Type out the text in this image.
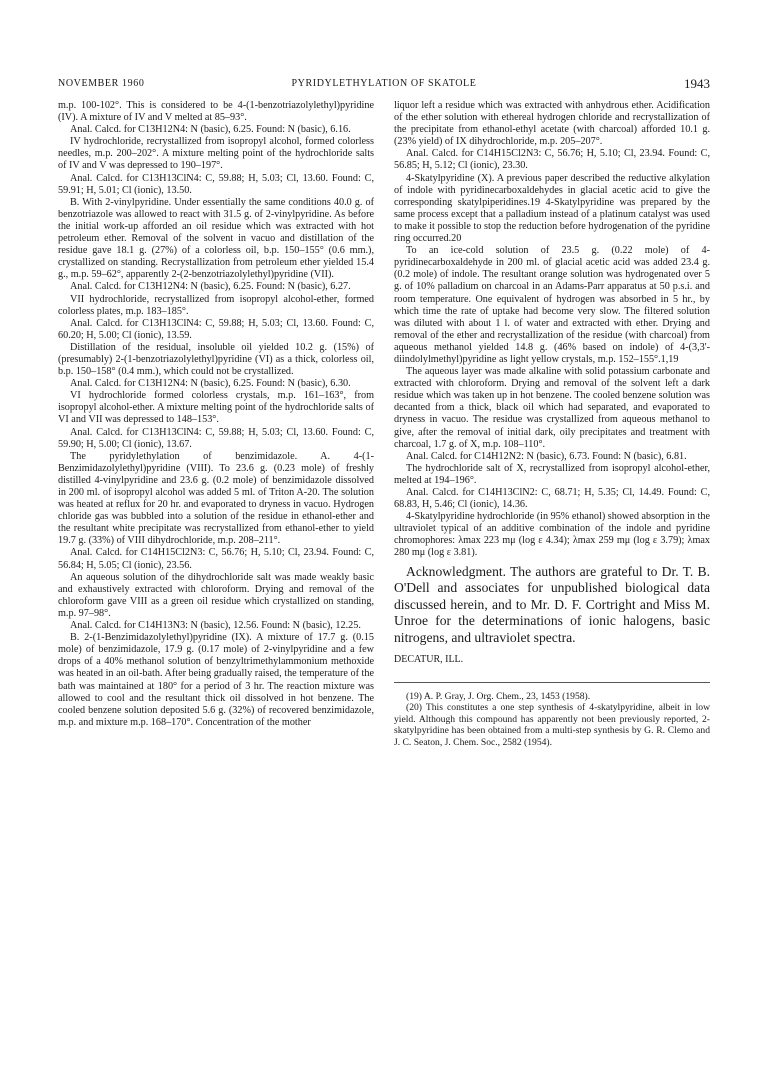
NOVEMBER 1960	PYRIDYLETHYLATION OF SKATOLE	1943

m.p. 100-102°. This is considered to be 4-(1-benzotriazolylethyl)pyridine (IV). A mixture of IV and V melted at 85–93°.

Anal. Calcd. for C13H12N4: N (basic), 6.25. Found: N (basic), 6.16.

IV hydrochloride, recrystallized from isopropyl alcohol, formed colorless needles, m.p. 200–202°. A mixture melting point of the hydrochloride salts of IV and V was depressed to 190–197°.

Anal. Calcd. for C13H13ClN4: C, 59.88; H, 5.03; Cl, 13.60. Found: C, 59.91; H, 5.01; Cl (ionic), 13.50.

B. With 2-vinylpyridine. Under essentially the same conditions 40.0 g. of benzotriazole was allowed to react with 31.5 g. of 2-vinylpyridine. As before the initial work-up afforded an oil residue which was extracted with hot petroleum ether. Removal of the solvent in vacuo and distillation of the residue gave 18.1 g. (27%) of a colorless oil, b.p. 150–155° (0.6 mm.), crystallized on standing. Recrystallization from petroleum ether yielded 15.4 g., m.p. 59–62°, apparently 2-(2-benzotriazolylethyl)pyridine (VII).

Anal. Calcd. for C13H12N4: N (basic), 6.25. Found: N (basic), 6.27.

VII hydrochloride, recrystallized from isopropyl alcohol-ether, formed colorless plates, m.p. 183–185°.

Anal. Calcd. for C13H13ClN4: C, 59.88; H, 5.03; Cl, 13.60. Found: C, 60.20; H, 5.00; Cl (ionic), 13.59.

Distillation of the residual, insoluble oil yielded 10.2 g. (15%) of (presumably) 2-(1-benzotriazolylethyl)pyridine (VI) as a thick, colorless oil, b.p. 150–158° (0.4 mm.), which could not be crystallized.

Anal. Calcd. for C13H12N4: N (basic), 6.25. Found: N (basic), 6.30.

VI hydrochloride formed colorless crystals, m.p. 161–163°, from isopropyl alcohol-ether. A mixture melting point of the hydrochloride salts of VI and VII was depressed to 148–153°.

Anal. Calcd. for C13H13ClN4: C, 59.88; H, 5.03; Cl, 13.60. Found: C, 59.90; H, 5.00; Cl (ionic), 13.67.

The pyridylethylation of benzimidazole. A. 4-(1-Benzimidazolylethyl)pyridine (VIII). To 23.6 g. (0.23 mole) of freshly distilled 4-vinylpyridine and 23.6 g. (0.2 mole) of benzimidazole dissolved in 200 ml. of isopropyl alcohol was added 5 ml. of Triton A-20. The solution was heated at reflux for 20 hr. and evaporated to dryness in vacuo. Hydrogen chloride gas was bubbled into a solution of the residue in ethanol-ether and the resultant white precipitate was recrystallized from ethanol-ether to yield 19.7 g. (33%) of VIII dihydrochloride, m.p. 208–211°.

Anal. Calcd. for C14H15Cl2N3: C, 56.76; H, 5.10; Cl, 23.94. Found: C, 56.84; H, 5.05; Cl (ionic), 23.56.

An aqueous solution of the dihydrochloride salt was made weakly basic and exhaustively extracted with chloroform. Drying and removal of the chloroform gave VIII as a green oil residue which crystallized on standing, m.p. 97–98°.

Anal. Calcd. for C14H13N3: N (basic), 12.56. Found: N (basic), 12.25.

B. 2-(1-Benzimidazolylethyl)pyridine (IX). A mixture of 17.7 g. (0.15 mole) of benzimidazole, 17.9 g. (0.17 mole) of 2-vinylpyridine and a few drops of a 40% methanol solution of benzyltrimethylammonium methoxide was heated in an oil-bath. After being gradually raised, the temperature of the bath was maintained at 180° for a period of 3 hr. The reaction mixture was allowed to cool and the resultant thick oil dissolved in hot benzene. The cooled benzene solution deposited 5.6 g. (32%) of recovered benzimidazole, m.p. and mixture m.p. 168–170°. Concentration of the mother

liquor left a residue which was extracted with anhydrous ether. Acidification of the ether solution with ethereal hydrogen chloride and recrystallization of the precipitate from ethanol-ethyl acetate (with charcoal) afforded 10.1 g. (23% yield) of IX dihydrochloride, m.p. 205–207°.

Anal. Calcd. for C14H15Cl2N3: C, 56.76; H, 5.10; Cl, 23.94. Found: C, 56.85; H, 5.12; Cl (ionic), 23.30.

4-Skatylpyridine (X). A previous paper described the reductive alkylation of indole with pyridinecarboxaldehydes in glacial acetic acid to give the corresponding skatylpiperidines.19 4-Skatylpyridine was prepared by the same process except that a palladium instead of a platinum catalyst was used to make it possible to stop the reduction before hydrogenation of the pyridine ring occurred.20

To an ice-cold solution of 23.5 g. (0.22 mole) of 4-pyridinecarboxaldehyde in 200 ml. of glacial acetic acid was added 23.4 g. (0.2 mole) of indole. The resultant orange solution was hydrogenated over 5 g. of 10% palladium on charcoal in an Adams-Parr apparatus at 50 p.s.i. and room temperature. One equivalent of hydrogen was absorbed in 5 hr., by which time the rate of uptake had become very slow. The filtered solution was diluted with about 1 l. of water and extracted with ether. Drying and removal of the ether and recrystallization of the residue (with charcoal) from aqueous methanol yielded 14.8 g. (46% based on indole) of 4-(3,3'-diindolylmethyl)pyridine as light yellow crystals, m.p. 152–155°.1,19

The aqueous layer was made alkaline with solid potassium carbonate and extracted with chloroform. Drying and removal of the solvent left a dark residue which was taken up in hot benzene. The cooled benzene solution was decanted from a thick, black oil which had separated, and evaporated to dryness in vacuo. The residue was crystallized from aqueous methanol to give, after the removal of initial dark, oily precipitates and treatment with charcoal, 1.7 g. of X, m.p. 108–110°.

Anal. Calcd. for C14H12N2: N (basic), 6.73. Found: N (basic), 6.81.

The hydrochloride salt of X, recrystallized from isopropyl alcohol-ether, melted at 194–196°.

Anal. Calcd. for C14H13ClN2: C, 68.71; H, 5.35; Cl, 14.49. Found: C, 68.83, H, 5.46; Cl (ionic), 14.36.

4-Skatylpyridine hydrochloride (in 95% ethanol) showed absorption in the ultraviolet typical of an additive combination of the indole and pyridine chromophores: λmax 223 mμ (log ε 4.34); λmax 259 mμ (log ε 3.79); λmax 280 mμ (log ε 3.81).

Acknowledgment. The authors are grateful to Dr. T. B. O'Dell and associates for unpublished biological data discussed herein, and to Mr. D. F. Cortright and Miss M. Unroe for the determinations of ionic halogens, basic nitrogens, and ultraviolet spectra.

DECATUR, ILL.

(19) A. P. Gray, J. Org. Chem., 23, 1453 (1958).

(20) This constitutes a one step synthesis of 4-skatylpyridine, albeit in low yield. Although this compound has apparently not been previously reported, 2-skatylpyridine has been obtained from a multi-step synthesis by G. R. Clemo and J. C. Seaton, J. Chem. Soc., 2582 (1954).
